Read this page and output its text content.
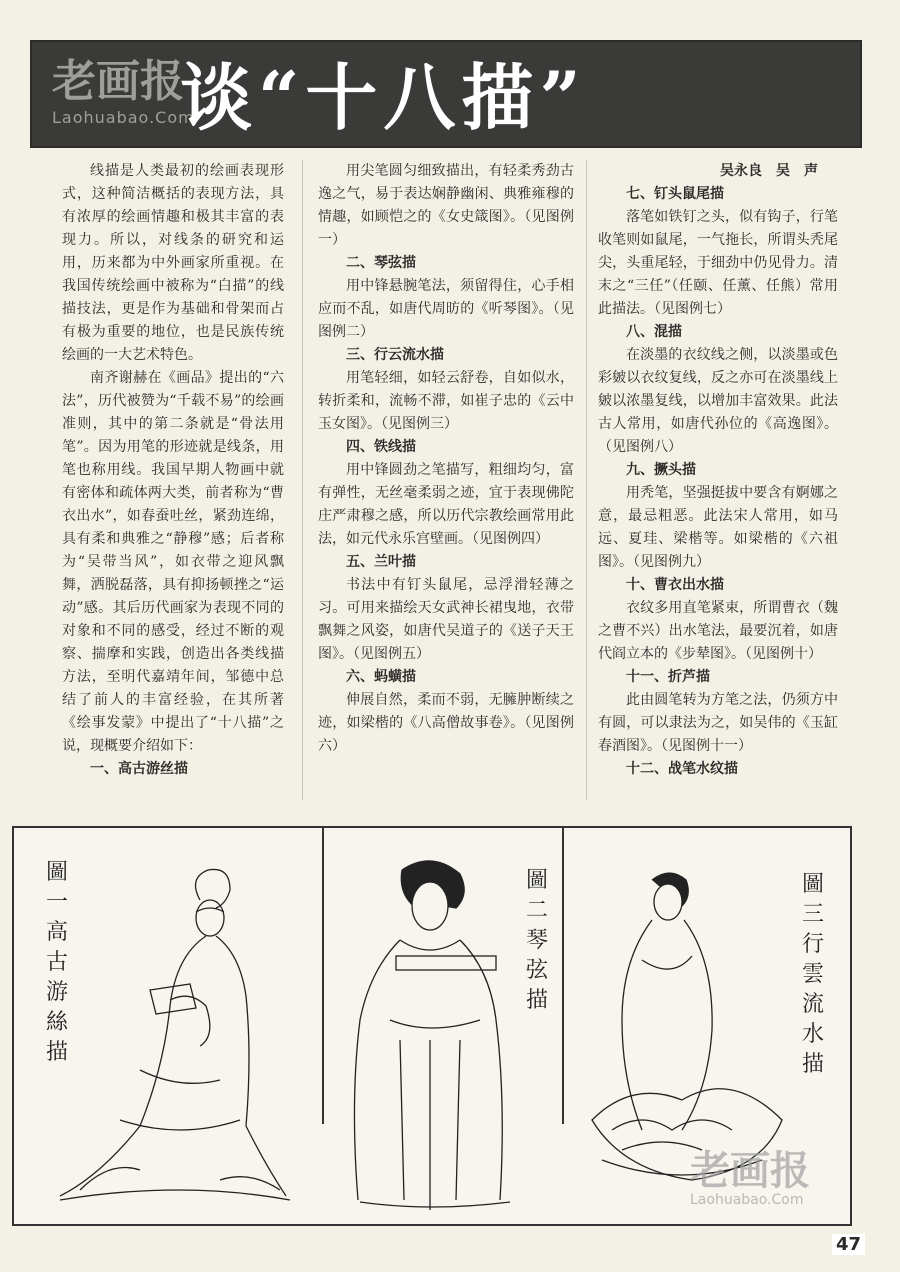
老画报
Laohuabao.Com
谈“十八描”

线描是人类最初的绘画表现形式，这种简洁概括的表现方法，具有浓厚的绘画情趣和极其丰富的表现力。所以，对线条的研究和运用，历来都为中外画家所重视。在我国传统绘画中被称为“白描”的线描技法，更是作为基础和骨架而占有极为重要的地位，也是民族传统绘画的一大艺术特色。

南齐谢赫在《画品》提出的“六法”，历代被赞为“千载不易”的绘画准则，其中的第二条就是“骨法用笔”。因为用笔的形迹就是线条，用笔也称用线。我国早期人物画中就有密体和疏体两大类，前者称为“曹衣出水”，如春蚕吐丝，紧劲连绵，具有柔和典雅之“静穆”感；后者称为“吴带当风”，如衣带之迎风飘舞，洒脱磊落，具有抑扬顿挫之“运动”感。其后历代画家为表现不同的对象和不同的感受，经过不断的观察、揣摩和实践，创造出各类线描方法，至明代嘉靖年间，邹德中总结了前人的丰富经验，在其所著《绘事发蒙》中提出了“十八描”之说，现概要介绍如下：

一、高古游丝描

用尖笔圆匀细致描出，有轻柔秀劲古逸之气，易于表达娴静幽闲、典雅雍穆的情趣，如顾恺之的《女史箴图》。（见图例一）

二、琴弦描

用中锋悬腕笔法，须留得住，心手相应而不乱，如唐代周昉的《听琴图》。（见图例二）

三、行云流水描

用笔轻细，如轻云舒卷，自如似水，转折柔和，流畅不滞，如崔子忠的《云中玉女图》。（见图例三）

四、铁线描

用中锋圆劲之笔描写，粗细均匀，富有弹性，无丝毫柔弱之迹，宜于表现佛陀庄严肃穆之感，所以历代宗教绘画常用此法，如元代永乐宫壁画。（见图例四）

五、兰叶描

书法中有钉头鼠尾，忌浮滑轻薄之习。可用来描绘天女武神长裙曳地，衣带飘舞之风姿，如唐代吴道子的《送子天王图》。（见图例五）

六、蚂蟥描

伸展自然，柔而不弱，无臃肿断续之迹，如梁楷的《八高僧故事卷》。（见图例六）

吴永良　吴　声
七、钉头鼠尾描

落笔如铁钉之头，似有钩子，行笔收笔则如鼠尾，一气拖长，所谓头秃尾尖，头重尾轻，于细劲中仍见骨力。清末之“三任”（任颐、任薰、任熊）常用此描法。（见图例七）

八、混描

在淡墨的衣纹线之侧，以淡墨或色彩皴以衣纹复线，反之亦可在淡墨线上皴以浓墨复线，以增加丰富效果。此法古人常用，如唐代孙位的《高逸图》。（见图例八）

九、撅头描

用秃笔，坚强挺拔中要含有婀娜之意，最忌粗恶。此法宋人常用，如马远、夏珪、梁楷等。如梁楷的《六祖图》。（见图例九）

十、曹衣出水描

衣纹多用直笔紧束，所谓曹衣（魏之曹不兴）出水笔法，最要沉着，如唐代阎立本的《步辇图》。（见图例十）

十一、折芦描

此由圆笔转为方笔之法，仍须方中有圆，可以隶法为之，如吴伟的《玉缸春酒图》。（见图例十一）

十二、战笔水纹描
圖一高古游絲描
圖二琴弦描
圖三行雲流水描
老画报
Laohuabao.Com
47
